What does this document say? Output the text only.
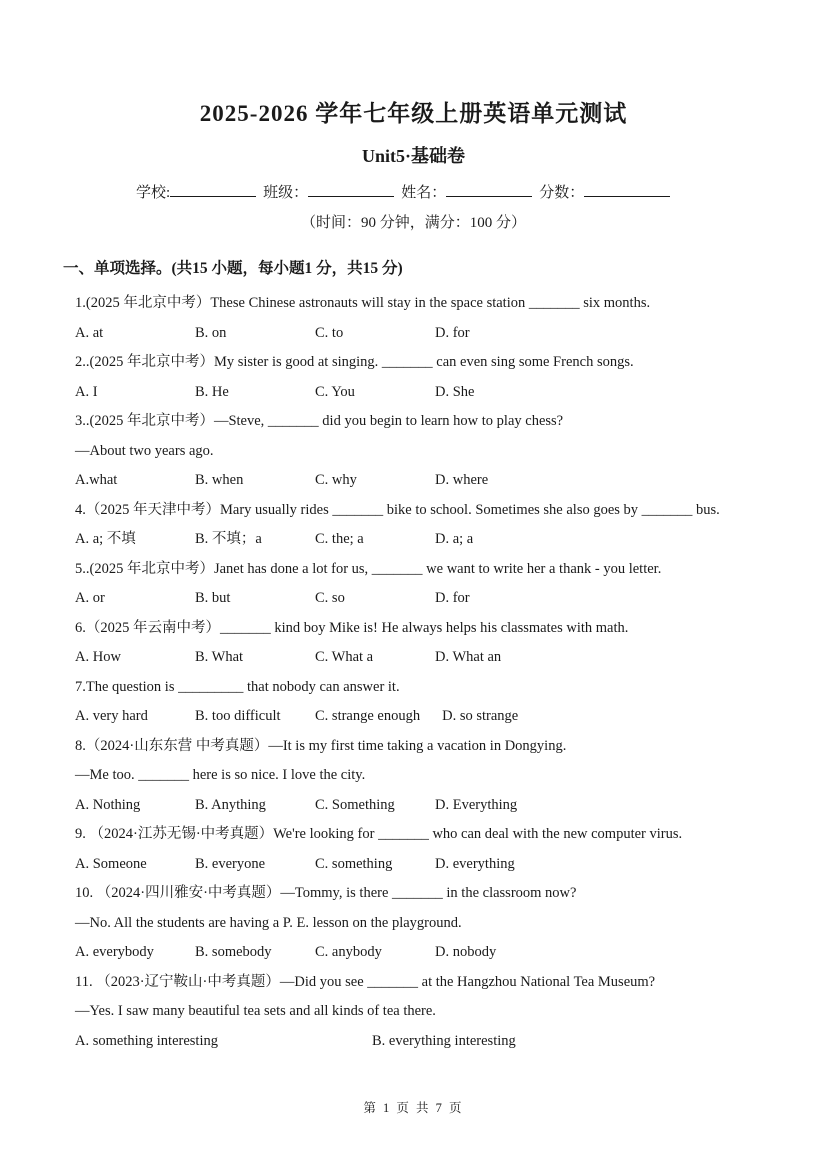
2025-2026 学年七年级上册英语单元测试
Unit5·基础卷
学校:	班级：	姓名：	分数：
（时间：90 分钟，满分：100 分）
一、单项选择。(共15 小题，每小题1 分，共15 分)
1.(2025 年北京中考）These Chinese astronauts will stay in the space station _______ six months.
A. at	B. on	C. to	D. for
2..(2025 年北京中考）My sister is good at singing. _______ can even sing some French songs.
A. I	B. He	C. You	D. She
3..(2025 年北京中考）—Steve, _______ did you begin to learn how to play chess?
—About two years ago.
A.what	B. when	C. why	D. where
4.（2025 年天津中考）Mary usually rides _______ bike to school. Sometimes she also goes by _______ bus.
A. a; 不填	B. 不填；a	C. the; a	D. a; a
5..(2025 年北京中考）Janet has done a lot for us, _______ we want to write her a thank - you letter.
A. or	B. but	C. so	D. for
6.（2025 年云南中考）_______ kind boy Mike is! He always helps his classmates with math.
A. How	B. What	C. What a	D. What an
7.The question is _________ that nobody can answer it.
A. very hard	B. too difficult	C. strange enough D. so strange
8.（2024·山东东营 中考真题）—It is my first time taking a vacation in Dongying.
—Me too. _______ here is so nice. I love the city.
A. Nothing	B. Anything	C. Something	D. Everything
9. （2024·江苏无锡·中考真题）We're looking for _______ who can deal with the new computer virus.
A. Someone	B. everyone	C. something	D. everything
10. （2024·四川雅安·中考真题）—Tommy, is there _______ in the classroom now?
—No. All the students are having a P. E. lesson on the playground.
A. everybody	B. somebody	C. anybody	D. nobody
11. （2023·辽宁鞍山·中考真题）—Did you see _______ at the Hangzhou National Tea Museum?
—Yes. I saw many beautiful tea sets and all kinds of tea there.
A. something interesting	B. everything interesting
第 1 页 共 7 页
